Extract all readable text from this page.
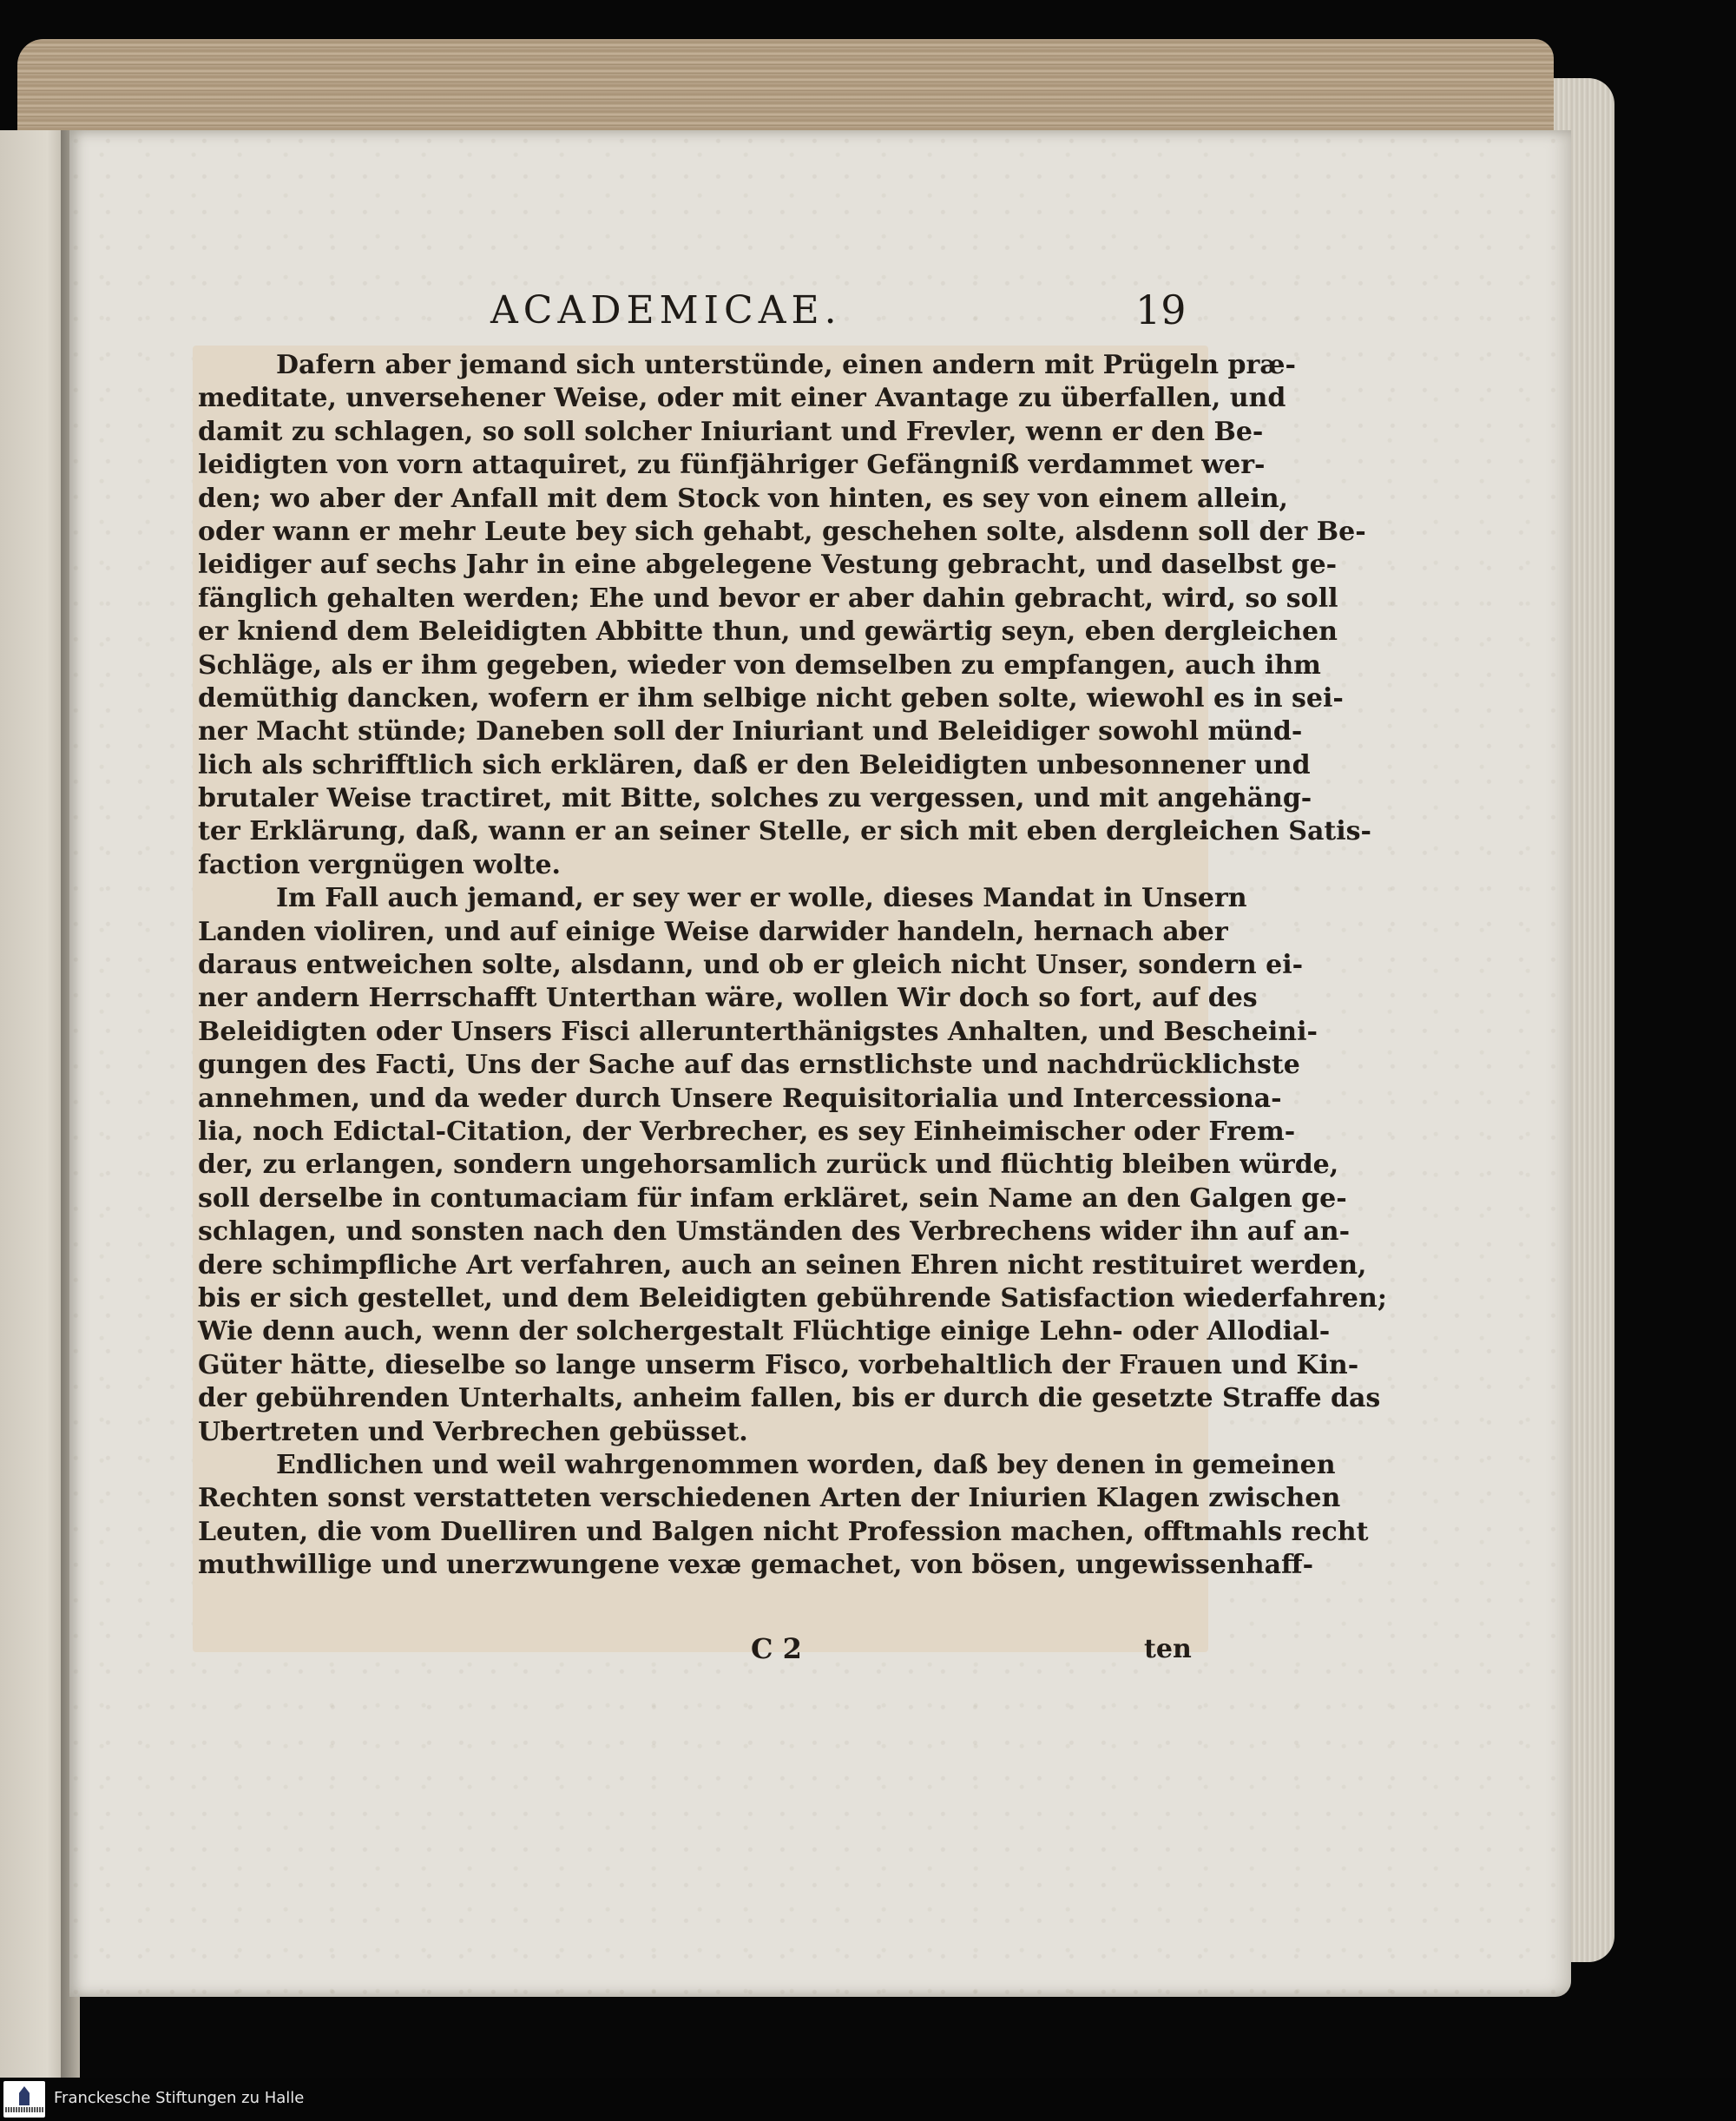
ACADEMICAE.	19
Dafern aber jemand sich unterstünde, einen andern mit Prügeln præ-
meditate, unversehener Weise, oder mit einer Avantage zu überfallen, und
damit zu schlagen, so soll solcher Iniuriant und Frevler, wenn er den Be-
leidigten von vorn attaquiret, zu fünfjähriger Gefängniß verdammet wer-
den; wo aber der Anfall mit dem Stock von hinten, es sey von einem allein,
oder wann er mehr Leute bey sich gehabt, geschehen solte, alsdenn soll der Be-
leidiger auf sechs Jahr in eine abgelegene Vestung gebracht, und daselbst ge-
fänglich gehalten werden; Ehe und bevor er aber dahin gebracht, wird, so soll
er kniend dem Beleidigten Abbitte thun, und gewärtig seyn, eben dergleichen
Schläge, als er ihm gegeben, wieder von demselben zu empfangen, auch ihm
demüthig dancken, wofern er ihm selbige nicht geben solte, wiewohl es in sei-
ner Macht stünde; Daneben soll der Iniuriant und Beleidiger sowohl münd-
lich als schrifftlich sich erklären, daß er den Beleidigten unbesonnener und
brutaler Weise tractiret, mit Bitte, solches zu vergessen, und mit angehäng-
ter Erklärung, daß, wann er an seiner Stelle, er sich mit eben dergleichen Satis-
faction vergnügen wolte.
Im Fall auch jemand, er sey wer er wolle, dieses Mandat in Unsern
Landen violiren, und auf einige Weise darwider handeln, hernach aber
daraus entweichen solte, alsdann, und ob er gleich nicht Unser, sondern ei-
ner andern Herrschafft Unterthan wäre, wollen Wir doch so fort, auf des
Beleidigten oder Unsers Fisci allerunterthänigstes Anhalten, und Bescheini-
gungen des Facti, Uns der Sache auf das ernstlichste und nachdrücklichste
annehmen, und da weder durch Unsere Requisitorialia und Intercessiona-
lia, noch Edictal-Citation, der Verbrecher, es sey Einheimischer oder Frem-
der, zu erlangen, sondern ungehorsamlich zurück und flüchtig bleiben würde,
soll derselbe in contumaciam für infam erkläret, sein Name an den Galgen ge-
schlagen, und sonsten nach den Umständen des Verbrechens wider ihn auf an-
dere schimpfliche Art verfahren, auch an seinen Ehren nicht restituiret werden,
bis er sich gestellet, und dem Beleidigten gebührende Satisfaction wiederfahren;
Wie denn auch, wenn der solchergestalt Flüchtige einige Lehn- oder Allodial-
Güter hätte, dieselbe so lange unserm Fisco, vorbehaltlich der Frauen und Kin-
der gebührenden Unterhalts, anheim fallen, bis er durch die gesetzte Straffe das
Ubertreten und Verbrechen gebüsset.
Endlichen und weil wahrgenommen worden, daß bey denen in gemeinen
Rechten sonst verstatteten verschiedenen Arten der Iniurien Klagen zwischen
Leuten, die vom Duelliren und Balgen nicht Profession machen, offtmahls recht
muthwillige und unerzwungene vexæ gemachet, von bösen, ungewissenhaff-
C 2	ten
Franckesche Stiftungen zu Halle
